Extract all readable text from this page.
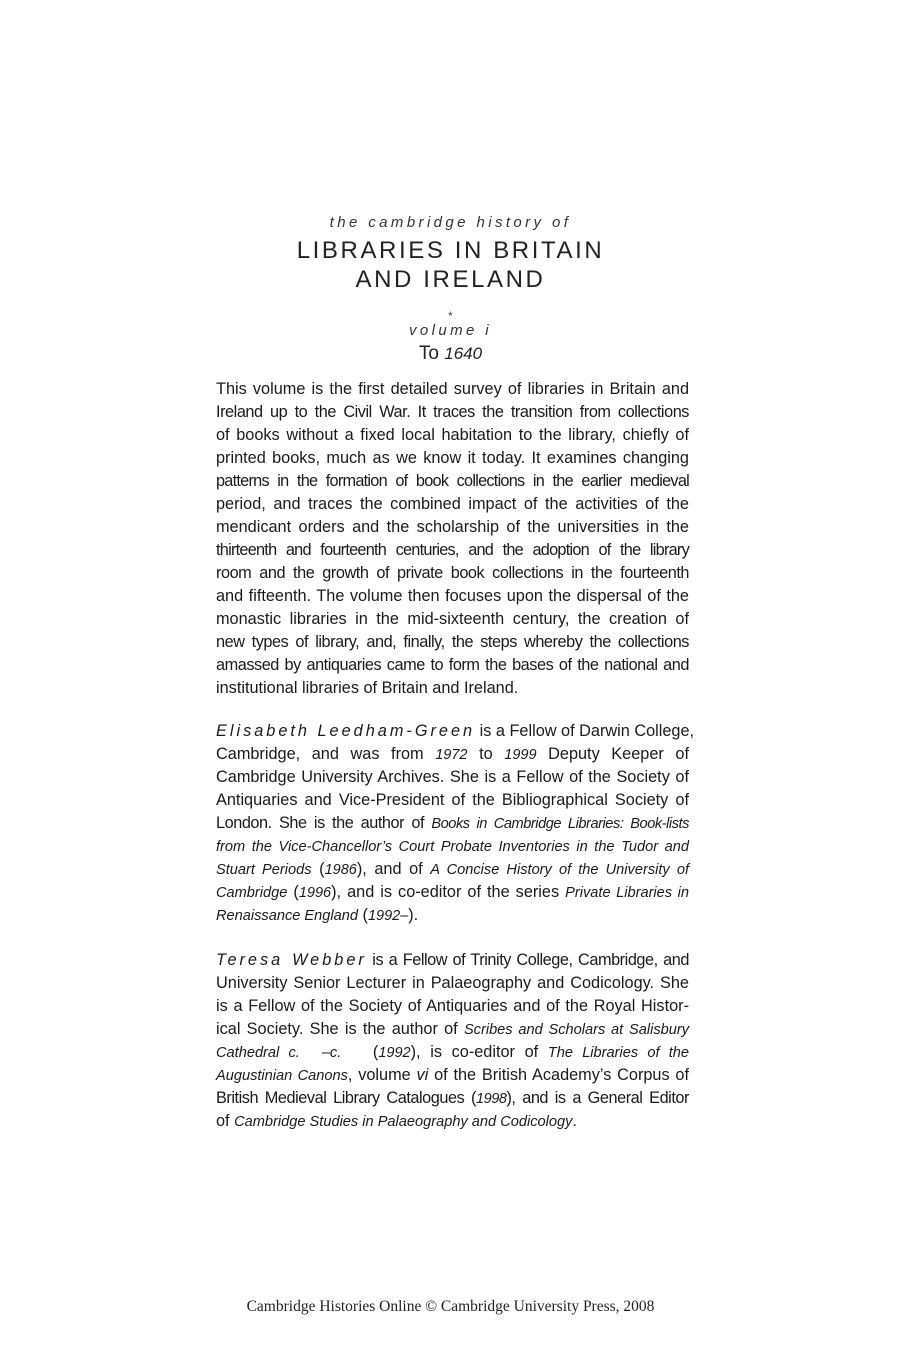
the cambridge history of
LIBRARIES IN BRITAIN
AND IRELAND
*
volume i
To 1640
This volume is the first detailed survey of libraries in Britain and
Ireland up to the Civil War. It traces the transition from collections
of books without a fixed local habitation to the library, chiefly of
printed books, much as we know it today. It examines changing
patterns in the formation of book collections in the earlier medieval
period, and traces the combined impact of the activities of the
mendicant orders and the scholarship of the universities in the
thirteenth and fourteenth centuries, and the adoption of the library
room and the growth of private book collections in the fourteenth
and fifteenth. The volume then focuses upon the dispersal of the
monastic libraries in the mid-sixteenth century, the creation of
new types of library, and, finally, the steps whereby the collections
amassed by antiquaries came to form the bases of the national and
institutional libraries of Britain and Ireland.
Elisabeth Leedham-Green is a Fellow of Darwin College,
Cambridge, and was from 1972 to 1999 Deputy Keeper of
Cambridge University Archives. She is a Fellow of the Society of
Antiquaries and Vice-President of the Bibliographical Society of
London. She is the author of Books in Cambridge Libraries: Book-lists
from the Vice-Chancellor’s Court Probate Inventories in the Tudor and
Stuart Periods (1986), and of A Concise History of the University of
Cambridge (1996), and is co-editor of the series Private Libraries in
Renaissance England (1992–).
Teresa Webber is a Fellow of Trinity College, Cambridge, and
University Senior Lecturer in Palaeography and Codicology. She
is a Fellow of the Society of Antiquaries and of the Royal Histor-
ical Society. She is the author of Scribes and Scholars at Salisbury
Cathedral c. –c. (1992), is co-editor of The Libraries of the
Augustinian Canons, volume vi of the British Academy’s Corpus of
British Medieval Library Catalogues (1998), and is a General Editor
of Cambridge Studies in Palaeography and Codicology.
Cambridge Histories Online © Cambridge University Press, 2008
